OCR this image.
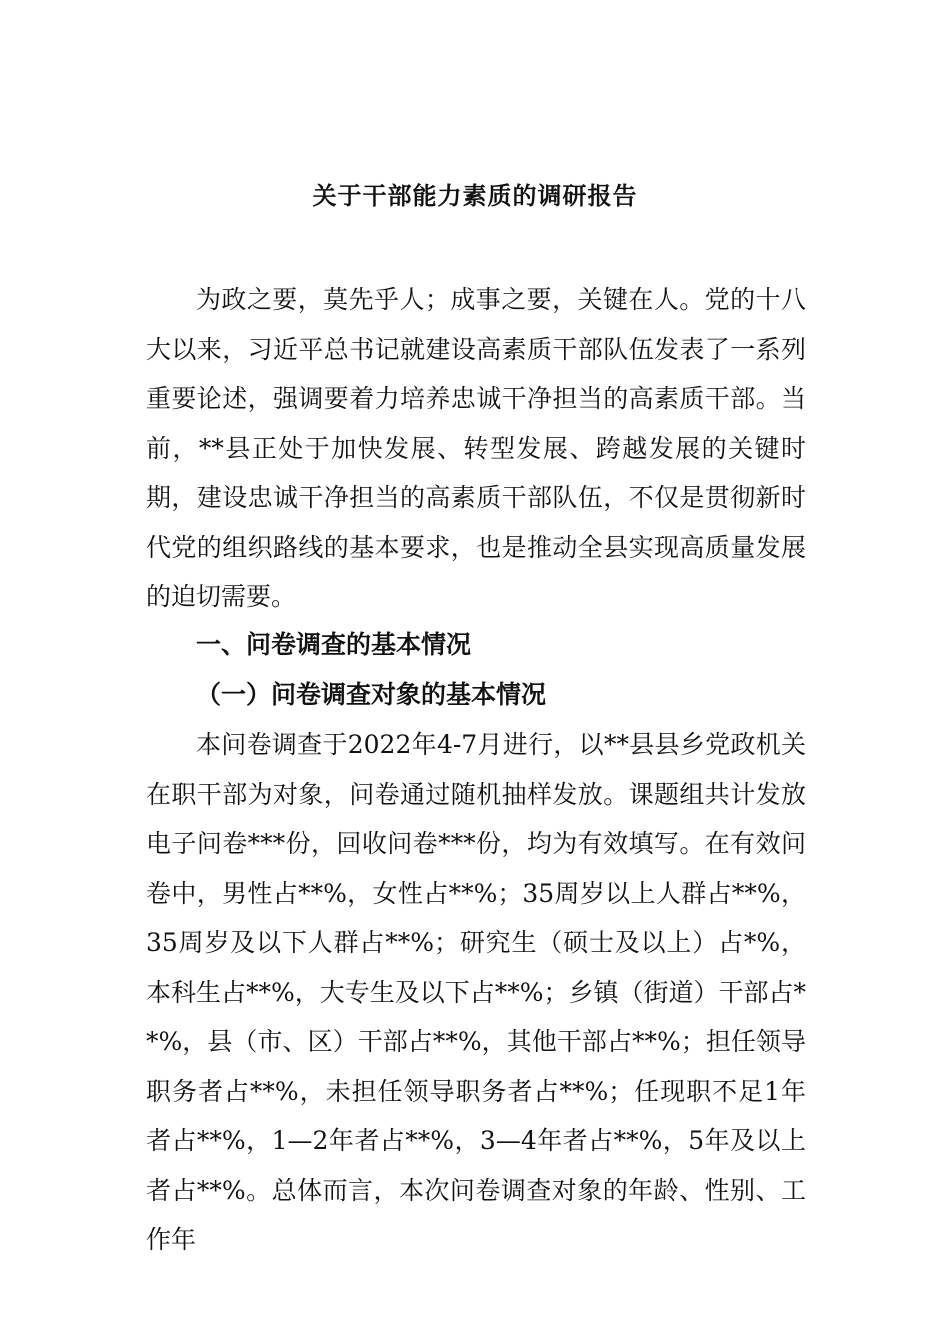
关于干部能力素质的调研报告

为政之要，莫先乎人；成事之要，关键在人。党的十八大以来，习近平总书记就建设高素质干部队伍发表了一系列重要论述，强调要着力培养忠诚干净担当的高素质干部。当前，**县正处于加快发展、转型发展、跨越发展的关键时期，建设忠诚干净担当的高素质干部队伍，不仅是贯彻新时代党的组织路线的基本要求，也是推动全县实现高质量发展的迫切需要。

一、问卷调查的基本情况
（一）问卷调查对象的基本情况

本问卷调查于2022年4-7月进行，以**县县乡党政机关在职干部为对象，问卷通过随机抽样发放。课题组共计发放电子问卷***份，回收问卷***份，均为有效填写。在有效问卷中，男性占**%，女性占**%；35周岁以上人群占**%，35周岁及以下人群占**%；研究生（硕士及以上）占*%，本科生占**%，大专生及以下占**%；乡镇（街道）干部占**%，县（市、区）干部占**%，其他干部占**%；担任领导职务者占**%，未担任领导职务者占**%；任现职不足1年者占**%，1—2年者占**%，3—4年者占**%，5年及以上者占**%。总体而言，本次问卷调查对象的年龄、性别、工作年
